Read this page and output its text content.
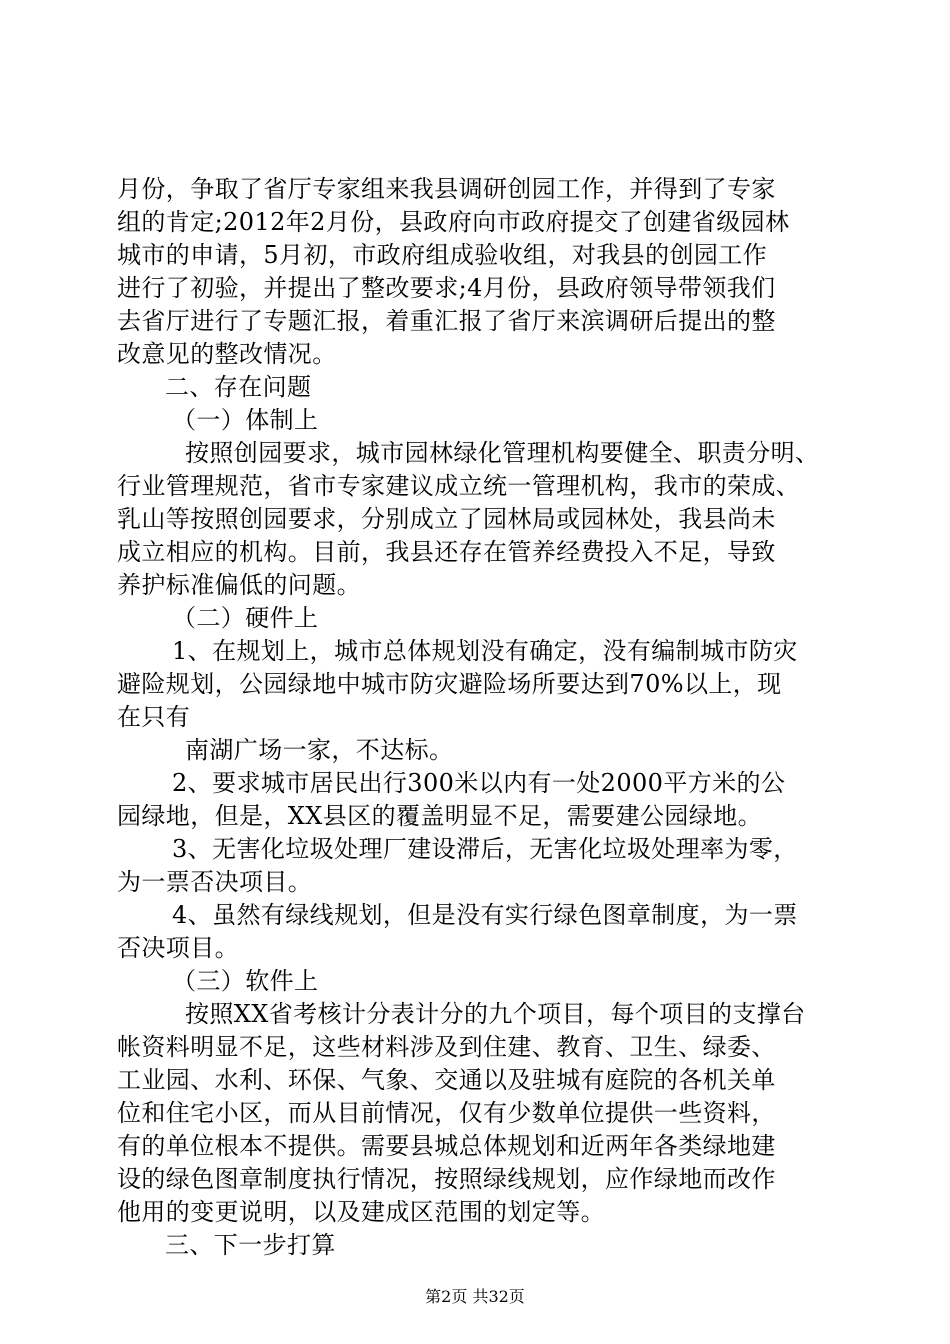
月份，争取了省厅专家组来我县调研创园工作，并得到了专家
组的肯定;2012年2月份，县政府向市政府提交了创建省级园林
城市的申请，5月初，市政府组成验收组，对我县的创园工作
进行了初验，并提出了整改要求;4月份，县政府领导带领我们
去省厅进行了专题汇报，着重汇报了省厅来滨调研后提出的整
改意见的整改情况。
二、存在问题
（一）体制上
按照创园要求，城市园林绿化管理机构要健全、职责分明、
行业管理规范，省市专家建议成立统一管理机构，我市的荣成、
乳山等按照创园要求，分别成立了园林局或园林处，我县尚未
成立相应的机构。目前，我县还存在管养经费投入不足，导致
养护标准偏低的问题。
（二）硬件上
1、在规划上，城市总体规划没有确定，没有编制城市防灾
避险规划，公园绿地中城市防灾避险场所要达到70%以上，现
在只有
南湖广场一家，不达标。
2、要求城市居民出行300米以内有一处2000平方米的公
园绿地，但是，XX县区的覆盖明显不足，需要建公园绿地。
3、无害化垃圾处理厂建设滞后，无害化垃圾处理率为零，
为一票否决项目。
4、虽然有绿线规划，但是没有实行绿色图章制度，为一票
否决项目。
（三）软件上
按照XX省考核计分表计分的九个项目，每个项目的支撑台
帐资料明显不足，这些材料涉及到住建、教育、卫生、绿委、
工业园、水利、环保、气象、交通以及驻城有庭院的各机关单
位和住宅小区，而从目前情况，仅有少数单位提供一些资料，
有的单位根本不提供。需要县城总体规划和近两年各类绿地建
设的绿色图章制度执行情况，按照绿线规划，应作绿地而改作
他用的变更说明，以及建成区范围的划定等。
三、下一步打算
第2页 共32页
